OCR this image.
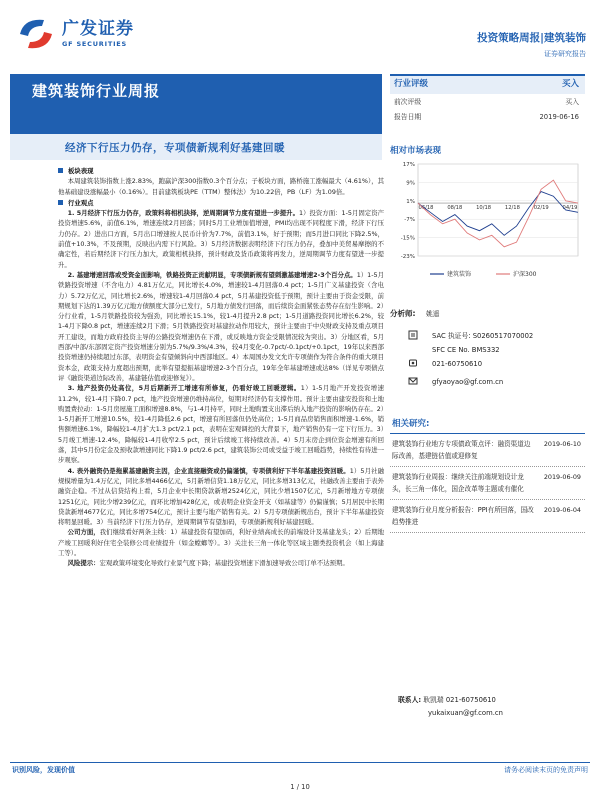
广发证券
GF SECURITIES	投资策略周报|建筑装饰
证券研究报告
建筑装饰行业周报
经济下行压力仍存，专项债新规利好基建回暖
板块表现
本周建筑装饰指数上涨2.83%，跑赢沪深300指数0.3个百分点；子板块方面，路桥施工涨幅最大（4.61%），其他基础建设涨幅最小（0.16%）。目前建筑板块PE（TTM）整体法）为10.22倍，PB（LF）为1.09倍。
行业观点
1. 5月经济下行压力仍存，政策料将相机抉择，逆周期调节力度有望进一步提升。1）投资方面：1-5月固定资产投资增速5.6%，前值6.1%，增速连续2月回落；同时5月工业增加值增速，PMI均出现不同程度下滑，经济下行压力仍存。2）进出口方面，5月出口增速按人民币计价为7.7%，前值3.1%，好于预期；而5月进口同比下降2.5%，前值+10.3%，不及预期，反映出内需下行风险。3）5月经济数据表明经济下行压力仍存，叠加中美贸易摩擦的不确定性，若后期经济下行压力加大，政策相机抉择，预计财政及货币政策将再发力，逆周期调节力度有望进一步提升。
2. 基建增速回落或受资金面影响，铁路投资正贡献明显，专项债新规有望刺激基建增速2-3个百分点。1）1-5月铁路投资增速（不含电力）4.81万亿元，同比增长4.0%，增速较1-4月回落0.4 pct；1-5月广义基建投资（含电力）5.72万亿元，同比增长2.6%，增速较1-4月回落0.4 pct，5月基建投资低于预期，预计主要由于资金受限，前期规划下达的1.39万亿元地方债额度大部分已发行，5月地方债发行回落，而后续资金面紧张态势存在衍生影响。2）分行业看，1-5月铁路投资较为强劲，同比增长15.1%，较1-4月提升2.8 pct；1-5月道路投资同比增长6.2%，较1-4月下降0.8 pct，增速连续2月下滑；5月铁路投资对基建拉动作用较大，预计主要由于中央财政支持及重点项目开工建设，而地方政府投资主导的公路投资增速仍在下滑，或反映地方资金受限情况较为突出。3）分地区看，5月西部/中部/东部固定资产投资增速分别为5.7%/9.3%/4.3%，较4月变化-0.7pct/-0.1pct/+0.1pct，19年以来西部投资增速仍持续超过东部，表明资金有望倾斜向中西部地区。4）本周国办发文允许专项债作为符合条件的重大项目资本金，政策支持力度超出预期，此举有望提振基建增速2-3个百分点，19年全年基建增速或达8%（详见专项债点评《融资渠道边际改善，基建链估值或迎修复》）。
3. 地产投资仍处高位，5月后期新开工增速有所修复，仍看好竣工回暖逻辑。1）1-5月地产开发投资增速11.2%，较1-4月下降0.7 pct，地产投资增速仍维持高位，短期对经济仍有支撑作用。预计主要由建安投资和土地购置费拉动：1-5月房屋施工面积增速8.8%，与1-4月持平，同时土地购置支出滞后纳入地产投资的影响仍存在。2）1-5月新开工增速10.5%，较1-4月降低2.6 pct，增速有所回落但仍处高位；1-5月商品房销售面积增速-1.6%，销售额增速6.1%，降幅较1-4月扩大1.3 pct/2.1 pct，表明在宏观调控的大背景下，地产销售仍有一定下行压力。3）5月竣工增速-12.4%，降幅较1-4月收窄2.5 pct，预计后续竣工将持续改善。4）5月末房企到位资金增速有所回落，其中5月份定金及预收款增速同比下降1.9 pct/2.6 pct，建筑装饰公司或受益于竣工回暖趋势，持续性有待进一步观察。
4. 表外融资仍是拖累基建融资主因，企业直接融资或仍偏谨慎，专项债利好下半年基建投资回暖。1）5月社融规模增量为1.4万亿元，同比多增4466亿元，5月新增信贷1.18万亿元，同比多增313亿元，社融改善主要由于表外融资企稳。不过从信贷结构上看，5月企业中长期贷款新增2524亿元，同比少增1507亿元，5月新增地方专项债1251亿元，同比少增239亿元，而环比增加428亿元，或表明企业资金开支（如基建等）仍偏谨慎；5月居民中长期贷款新增4677亿元，同比多增754亿元，预计主要与地产销售有关。2）5月专项债新规出台，预计下半年基建投资将明显回暖。3）当前经济下行压力仍存，逆周期调节有望加码，专项债新规利好基建回暖。
公司方面，我们继续看好两条主线：1）基建投资有望加码，利好业绩高成长的前端设计及基建龙头；2）后期地产竣工回暖利好住宅全装修公司业绩提升（如金螳螂等）。3）关注长三角一体化等区域主题类投资机会（如上海建工等）。
风险提示：宏观政策环境变化导致行业景气度下降；基建投资增速下滑加速导致公司订单不达预期。
行业评级	买入
前次评级	买入
报告日期	2019-06-16
相对市场表现
17%
9%
1%
-7%
-15%
-23%
06/18	08/18	10/18	12/18	02/19	04/19
建筑装饰	沪深300
分析师: 姚遥
SAC 执证号: S0260517070002
SFC CE No. BMS332
021-60750610
gfyaoyao@gf.com.cn
相关研究:
建筑装饰行业地方专项债政策点评：融资渠道边际改善，基建链估值或迎修复
2019-06-10
建筑装饰行业周报：继续关注前端规划设计龙头，长三角一体化，国企改革等主题或有催化
2019-06-09
建筑装饰行业月度分析报告：PPI有所回落，国改趋势推进
2019-06-04
联系人: 耿凯瑞 021-60750610
yukaixuan@gf.com.cn
识别风险，发现价值	请务必阅读末页的免责声明
1 / 10
